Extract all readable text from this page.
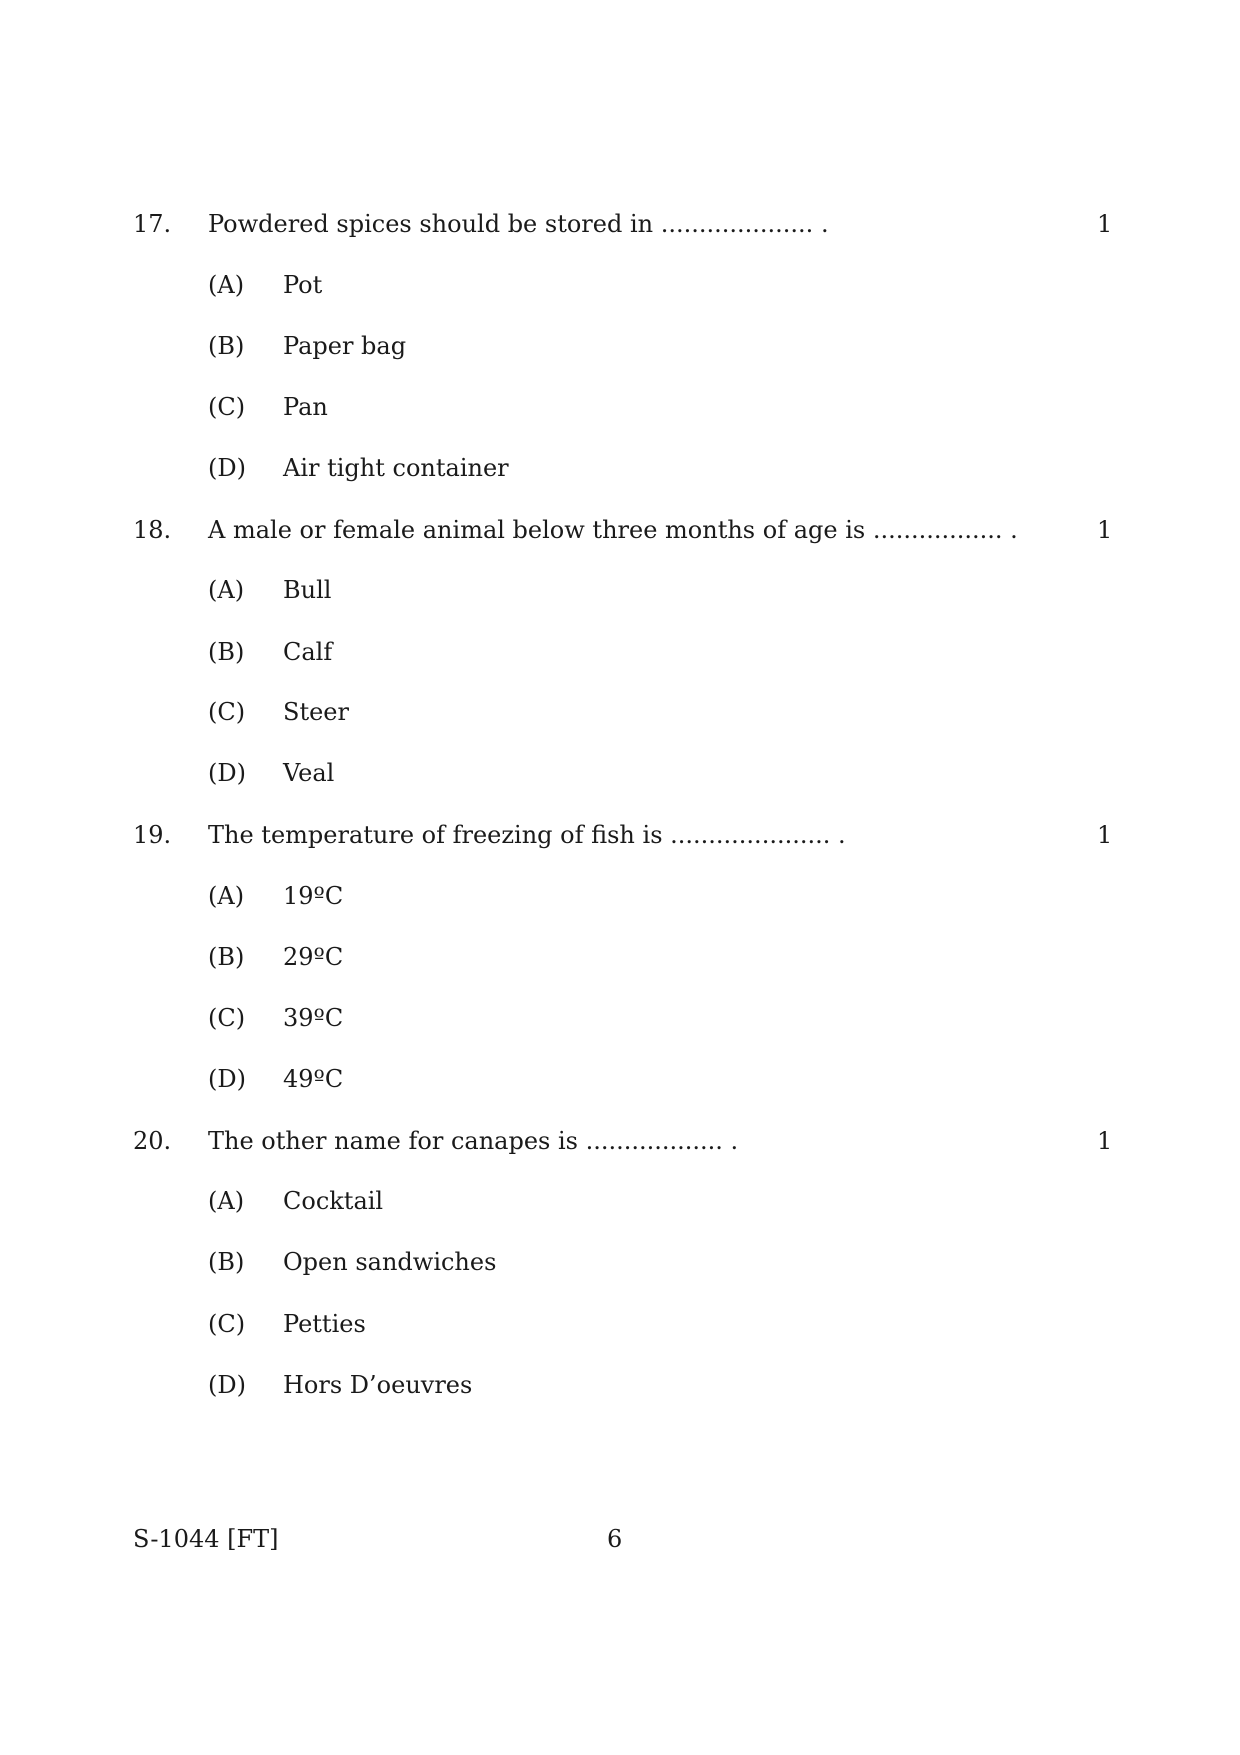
17. Powdered spices should be stored in .................... .	1
(A) Pot
(B) Paper bag
(C) Pan
(D) Air tight container
18. A male or female animal below three months of age is ................. .	1
(A) Bull
(B) Calf
(C) Steer
(D) Veal
19. The temperature of freezing of fish is ..................... .	1
(A) 19ºC
(B) 29ºC
(C) 39ºC
(D) 49ºC
20. The other name for canapes is .................. .	1
(A) Cocktail
(B) Open sandwiches
(C) Petties
(D) Hors D’oeuvres
S-1044 [FT]	6
